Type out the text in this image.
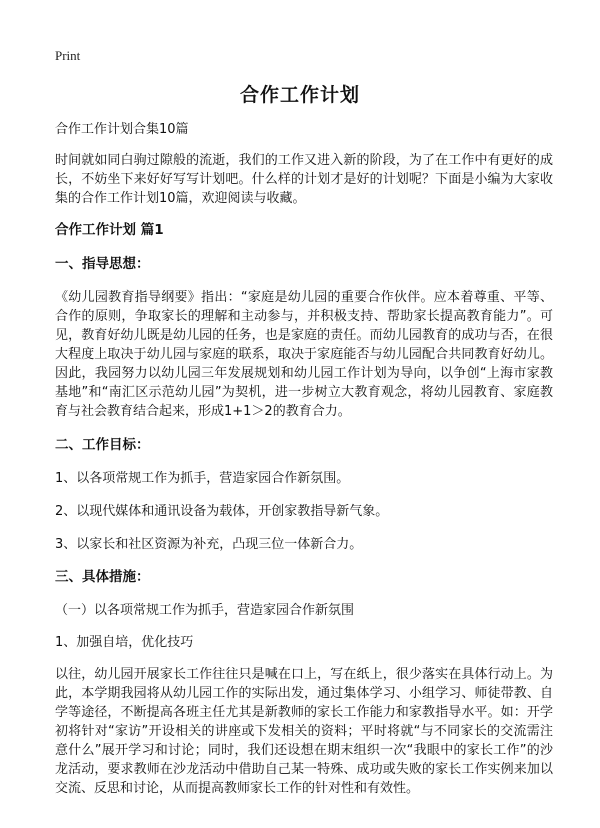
Print
合作工作计划

合作工作计划合集10篇

时间就如同白驹过隙般的流逝，我们的工作又进入新的阶段，为了在工作中有更好的成长，不妨坐下来好好写写计划吧。什么样的计划才是好的计划呢？下面是小编为大家收集的合作工作计划10篇，欢迎阅读与收藏。

合作工作计划 篇1

一、指导思想：

《幼儿园教育指导纲要》指出：“家庭是幼儿园的重要合作伙伴。应本着尊重、平等、合作的原则，争取家长的理解和主动参与，并积极支持、帮助家长提高教育能力”。可见，教育好幼儿既是幼儿园的任务，也是家庭的责任。而幼儿园教育的成功与否，在很大程度上取决于幼儿园与家庭的联系，取决于家庭能否与幼儿园配合共同教育好幼儿。因此，我园努力以幼儿园三年发展规划和幼儿园工作计划为导向，以争创“上海市家教基地”和“南汇区示范幼儿园”为契机，进一步树立大教育观念，将幼儿园教育、家庭教育与社会教育结合起来，形成1+1＞2的教育合力。

二、工作目标：

1、以各项常规工作为抓手，营造家园合作新氛围。

2、以现代媒体和通讯设备为载体，开创家教指导新气象。

3、以家长和社区资源为补充，凸现三位一体新合力。

三、具体措施：

（一）以各项常规工作为抓手，营造家园合作新氛围

1、加强自培，优化技巧

以往，幼儿园开展家长工作往往只是喊在口上，写在纸上，很少落实在具体行动上。为此，本学期我园将从幼儿园工作的实际出发，通过集体学习、小组学习、师徒带教、自学等途径，不断提高各班主任尤其是新教师的家长工作能力和家教指导水平。如：开学初将针对“家访”开设相关的讲座或下发相关的资料；平时将就“与不同家长的交流需注意什么”展开学习和讨论；同时，我们还设想在期末组织一次“我眼中的家长工作”的沙龙活动，要求教师在沙龙活动中借助自己某一特殊、成功或失败的家长工作实例来加以交流、反思和讨论，从而提高教师家长工作的针对性和有效性。
